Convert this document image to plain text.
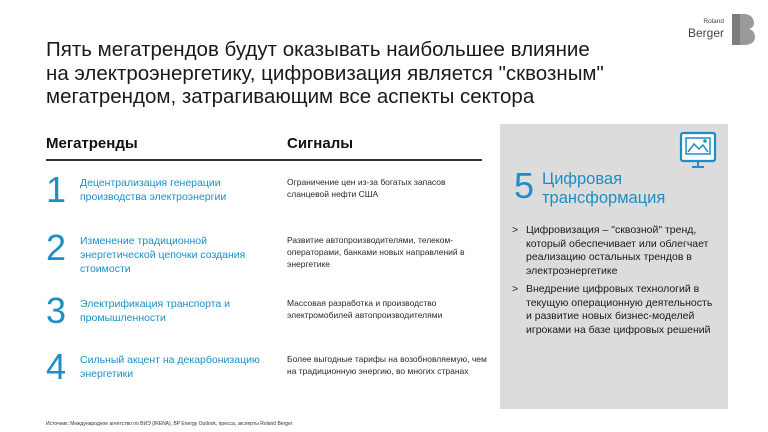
Roland
Berger
Пять мегатрендов будут оказывать наибольшее влияние
на электроэнергетику, цифровизация является "сквозным"
мегатрендом, затрагивающим все аспекты сектора
Мегатренды	Сигналы
1 Децентрализация генерации производства электроэнергии
Ограничение цен из-за богатых запасов сланцевой нефти США
2 Изменение традиционной энергетической цепочки создания стоимости
Развитие автопроизводителями, телеком-операторами, банками новых направлений в энергетике
3 Электрификация транспорта и промышленности
Массовая разработка и производство электромобилей автопроизводителями
4 Сильный акцент на декарбонизацию энергетики
Более выгодные тарифы на возобновляемую, чем на традиционную энергию, во многих странах
5 Цифровая трансформация
> Цифровизация – "сквозной" тренд, который обеспечивает или облегчает реализацию остальных трендов в электроэнергетике
> Внедрение цифровых технологий в текущую операционную деятельность
и развитие новых бизнес-моделей игроками на базе цифровых решений
Источник: Международное агентство по ВИЭ (IRENA), BP Energy Outlook, пресса, эксперты Roland Berger
